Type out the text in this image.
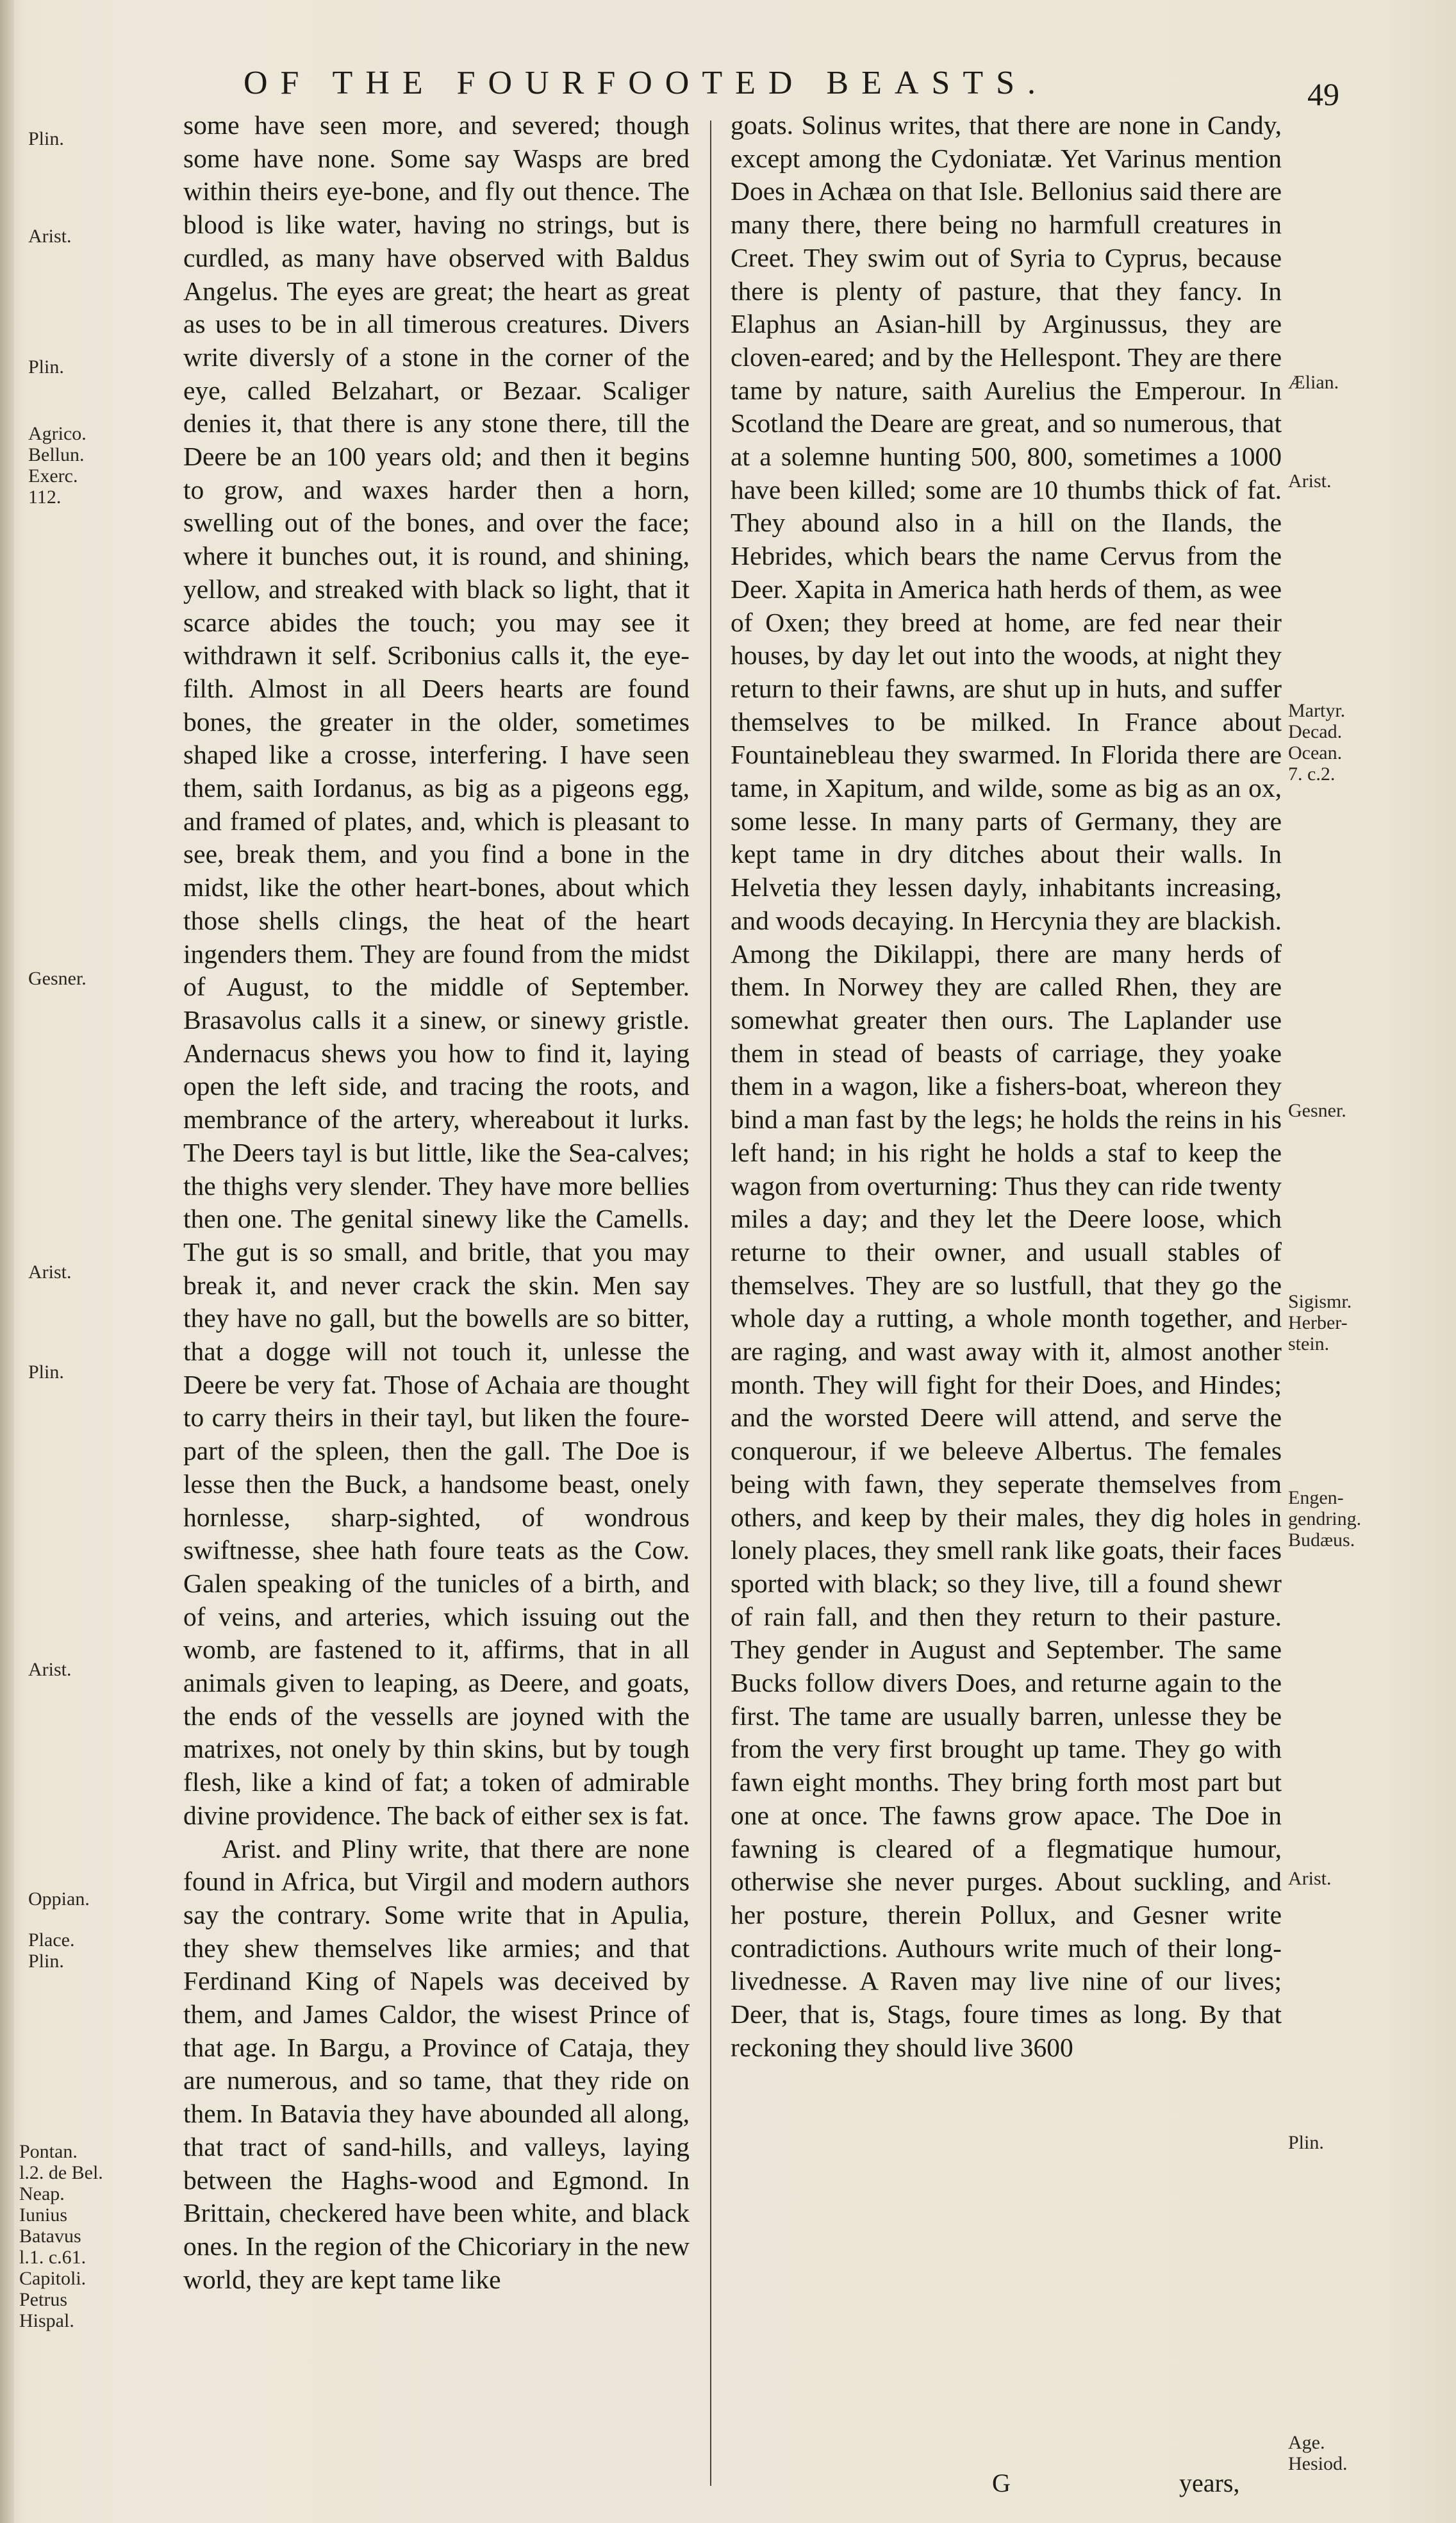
OF THE FOURFOOTED BEASTS.	49

some have seen more, and severed; though some have none. Some say Wasps are bred within theirs eye-bone, and fly out thence. The blood is like water, having no strings, but is curdled, as many have observed with Baldus Angelus. The eyes are great; the heart as great as uses to be in all timerous creatures. Divers write diversly of a stone in the corner of the eye, called Belzahart, or Bezaar. Scaliger denies it, that there is any stone there, till the Deere be an 100 years old; and then it begins to grow, and waxes harder then a horn, swelling out of the bones, and over the face; where it bunches out, it is round, and shining, yellow, and streaked with black so light, that it scarce abides the touch; you may see it withdrawn it self. Scribonius calls it, the eye-filth. Almost in all Deers hearts are found bones, the greater in the older, sometimes shaped like a crosse, interfering. I have seen them, saith Iordanus, as big as a pigeons egg, and framed of plates, and, which is pleasant to see, break them, and you find a bone in the midst, like the other heart-bones, about which those shells clings, the heat of the heart ingenders them. They are found from the midst of August, to the middle of September. Brasavolus calls it a sinew, or sinewy gristle. Andernacus shews you how to find it, laying open the left side, and tracing the roots, and membrance of the artery, whereabout it lurks. The Deers tayl is but little, like the Sea-calves; the thighs very slender. They have more bellies then one. The genital sinewy like the Camells. The gut is so small, and britle, that you may break it, and never crack the skin. Men say they have no gall, but the bowells are so bitter, that a dogge will not touch it, unlesse the Deere be very fat. Those of Achaia are thought to carry theirs in their tayl, but liken the foure-part of the spleen, then the gall. The Doe is lesse then the Buck, a handsome beast, onely hornlesse, sharp-sighted, of wondrous swiftnesse, shee hath foure teats as the Cow. Galen speaking of the tunicles of a birth, and of veins, and arteries, which issuing out the womb, are fastened to it, affirms, that in all animals given to leaping, as Deere, and goats, the ends of the vessells are joyned with the matrixes, not onely by thin skins, but by tough flesh, like a kind of fat; a token of admirable divine providence. The back of either sex is fat.

Arist. and Pliny write, that there are none found in Africa, but Virgil and modern authors say the contrary. Some write that in Apulia, they shew themselves like armies; and that Ferdinand King of Napels was deceived by them, and James Caldor, the wisest Prince of that age. In Bargu, a Province of Cataja, they are numerous, and so tame, that they ride on them. In Batavia they have abounded all along, that tract of sand-hills, and valleys, laying between the Haghs-wood and Egmond. In Brittain, checkered have been white, and black ones. In the region of the Chicoriary in the new world, they are kept tame like

goats. Solinus writes, that there are none in Candy, except among the Cydoniatæ. Yet Varinus mention Does in Achæa on that Isle. Bellonius said there are many there, there being no harmfull creatures in Creet. They swim out of Syria to Cyprus, because there is plenty of pasture, that they fancy. In Elaphus an Asian-hill by Arginussus, they are cloven-eared; and by the Hellespont. They are there tame by nature, saith Aurelius the Emperour. In Scotland the Deare are great, and so numerous, that at a solemne hunting 500, 800, sometimes a 1000 have been killed; some are 10 thumbs thick of fat. They abound also in a hill on the Ilands, the Hebrides, which bears the name Cervus from the Deer. Xapita in America hath herds of them, as wee of Oxen; they breed at home, are fed near their houses, by day let out into the woods, at night they return to their fawns, are shut up in huts, and suffer themselves to be milked. In France about Fountainebleau they swarmed. In Florida there are tame, in Xapitum, and wilde, some as big as an ox, some lesse. In many parts of Germany, they are kept tame in dry ditches about their walls. In Helvetia they lessen dayly, inhabitants increasing, and woods decaying. In Hercynia they are blackish. Among the Dikilappi, there are many herds of them. In Norwey they are called Rhen, they are somewhat greater then ours. The Laplander use them in stead of beasts of carriage, they yoake them in a wagon, like a fishers-boat, whereon they bind a man fast by the legs; he holds the reins in his left hand; in his right he holds a staf to keep the wagon from overturning: Thus they can ride twenty miles a day; and they let the Deere loose, which returne to their owner, and usuall stables of themselves. They are so lustfull, that they go the whole day a rutting, a whole month together, and are raging, and wast away with it, almost another month. They will fight for their Does, and Hindes; and the worsted Deere will attend, and serve the conquerour, if we beleeve Albertus. The females being with fawn, they seperate themselves from others, and keep by their males, they dig holes in lonely places, they smell rank like goats, their faces sported with black; so they live, till a found shewr of rain fall, and then they return to their pasture. They gender in August and September. The same Bucks follow divers Does, and returne again to the first. The tame are usually barren, unlesse they be from the very first brought up tame. They go with fawn eight months. They bring forth most part but one at once. The fawns grow apace. The Doe in fawning is cleared of a flegmatique humour, otherwise she never purges. About suckling, and her posture, therein Pollux, and Gesner write contradictions. Authours write much of their long-livednesse. A Raven may live nine of our lives; Deer, that is, Stags, foure times as long. By that reckoning they should live 3600

Plin.
Arist.
Plin.
Agrico.
Bellun.
Exerc.
112.
Gesner.
Arist.
Plin.
Arist.
Oppian.
Place.
Plin.
Pontan.
l.2. de Bel.
Neap.
Iunius
Batavus
l.1. c.61.
Capitoli.
Petrus
Hispal.
Ælian.
Arist.
Martyr.
Decad.
Ocean.
7. c.2.
Gesner.
Sigismr.
Herber-
stein.
Engen-
gendring.
Budæus.
Arist.
Plin.
Age.
Hesiod.
G	years,
